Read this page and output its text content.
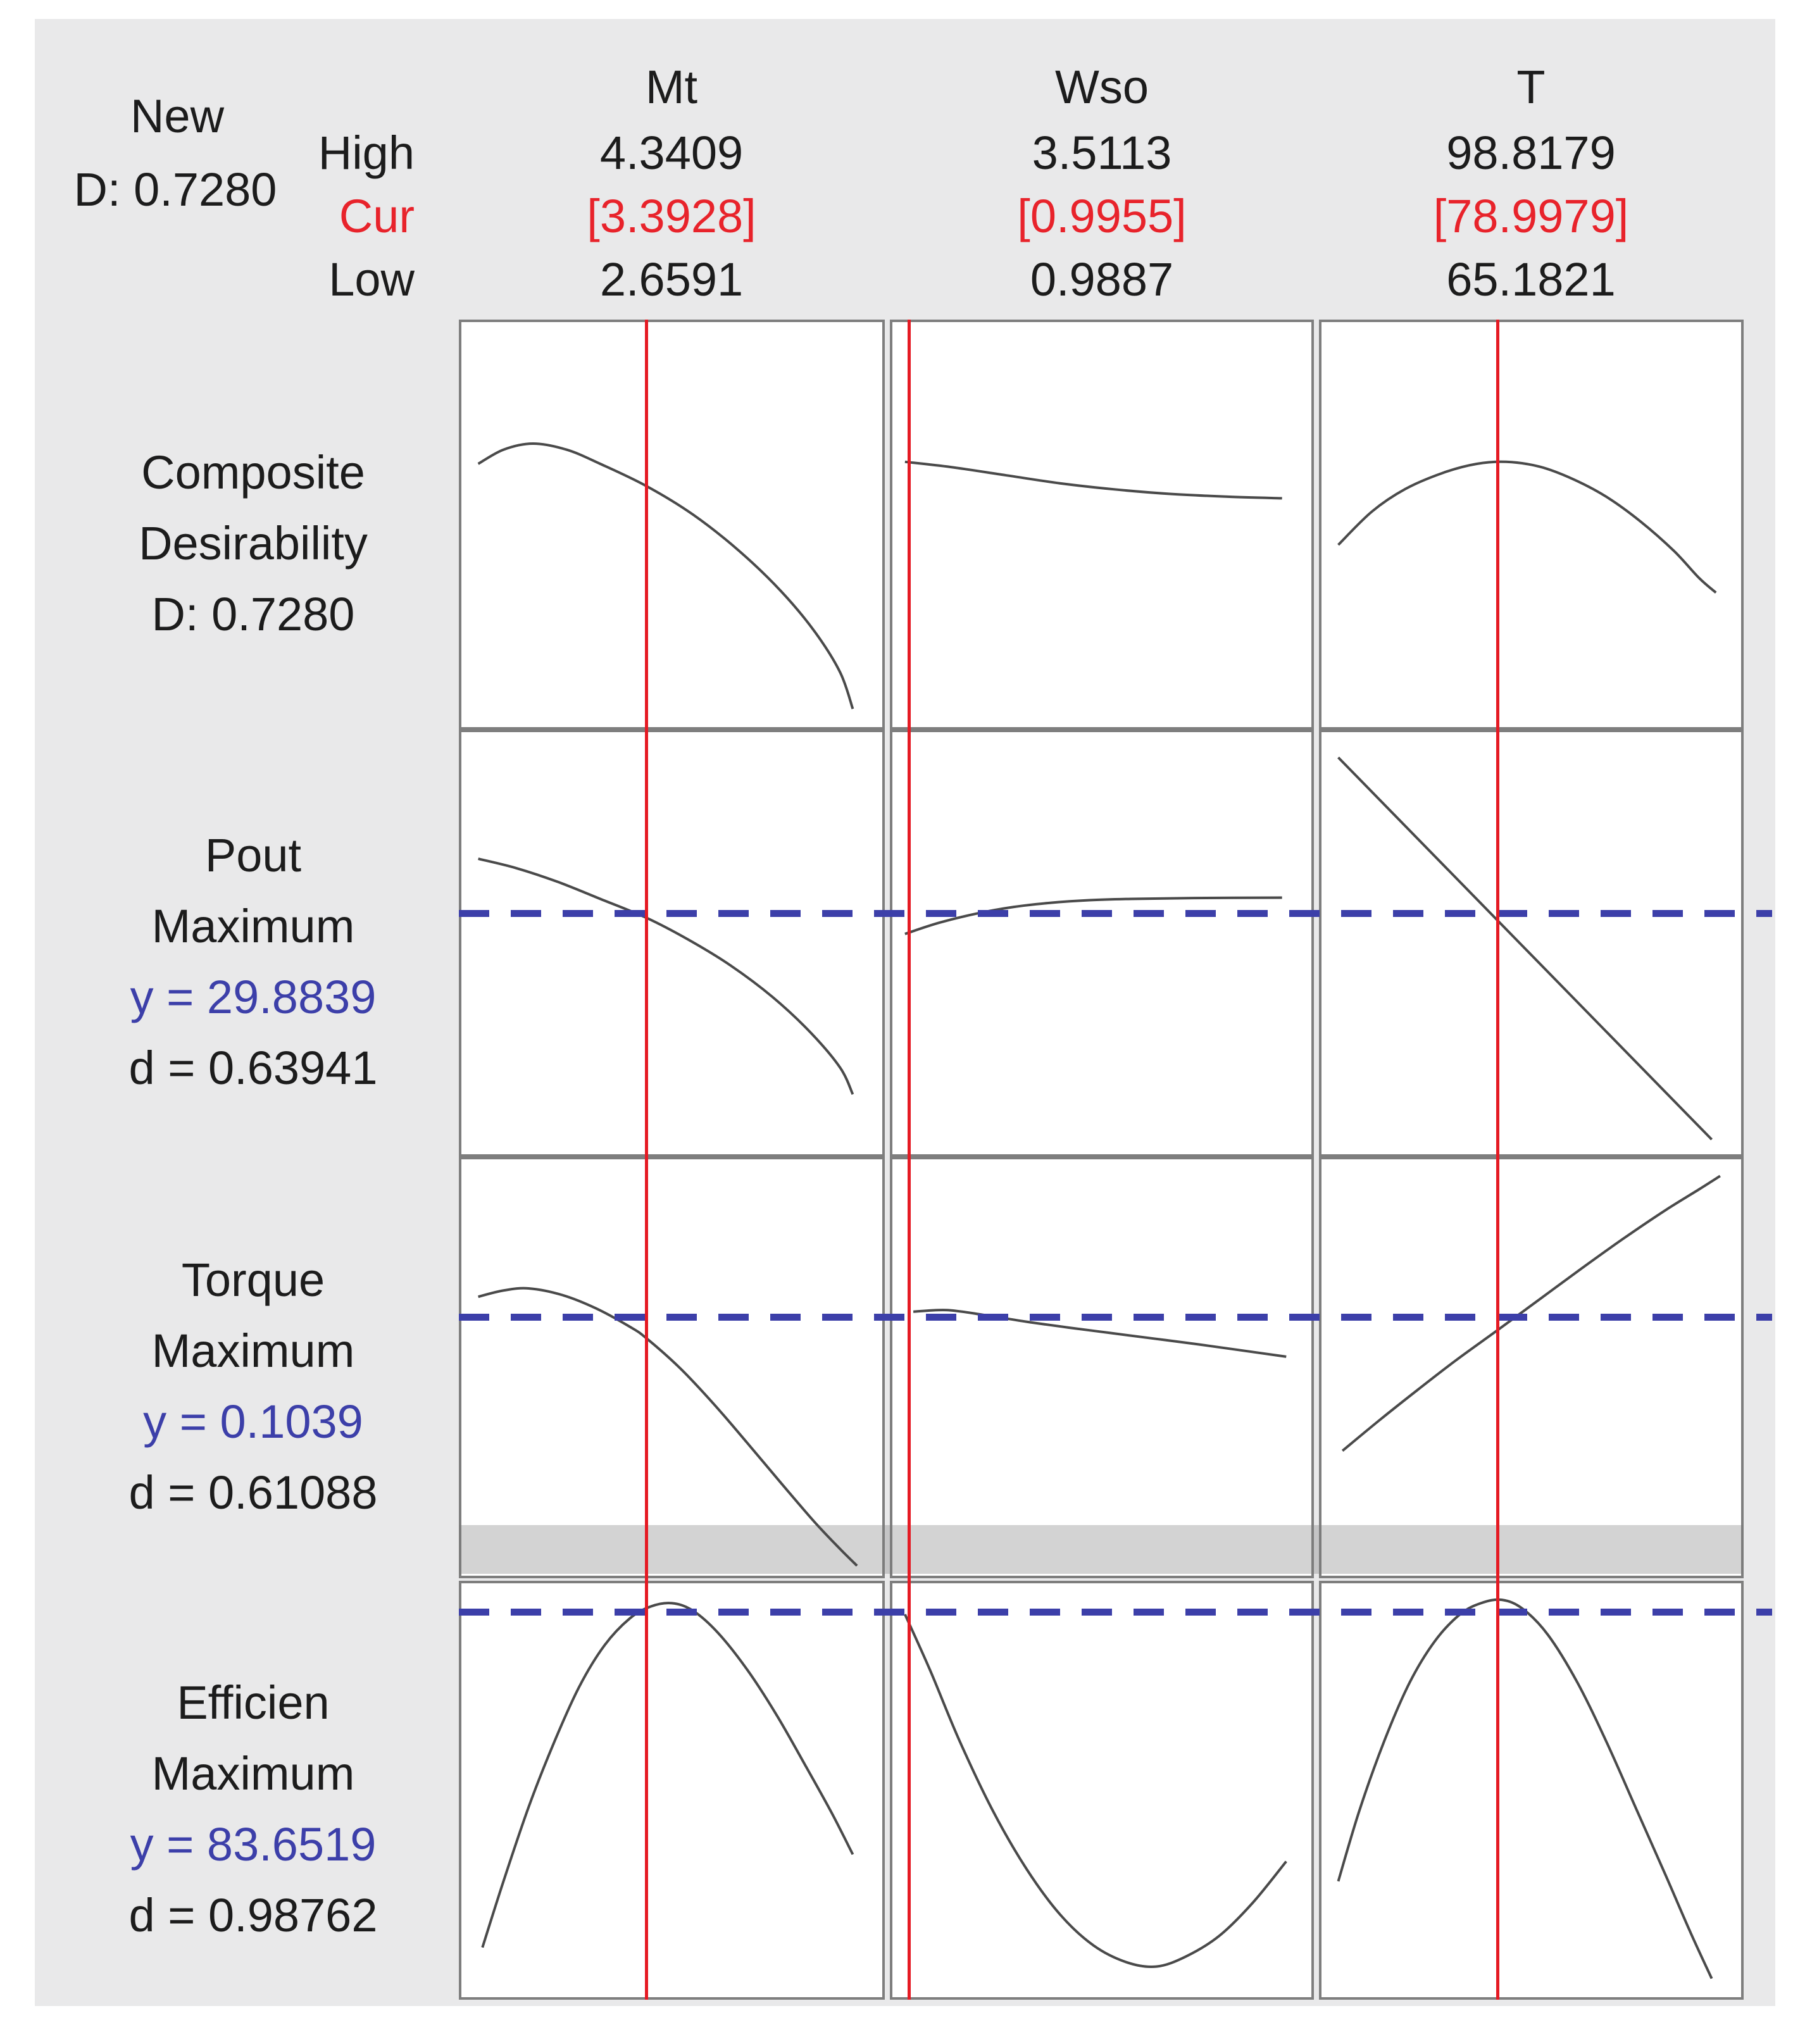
New
D: 0.7280
High
Cur
Low
Mt
4.3409
[3.3928]
2.6591
Wso
3.5113
[0.9955]
0.9887
T
98.8179
[78.9979]
65.1821
Composite
Desirability
D: 0.7280
Pout
Maximum
y = 29.8839
d = 0.63941
Torque
Maximum
y = 0.1039
d = 0.61088
Efficien
Maximum
y = 83.6519
d = 0.98762
